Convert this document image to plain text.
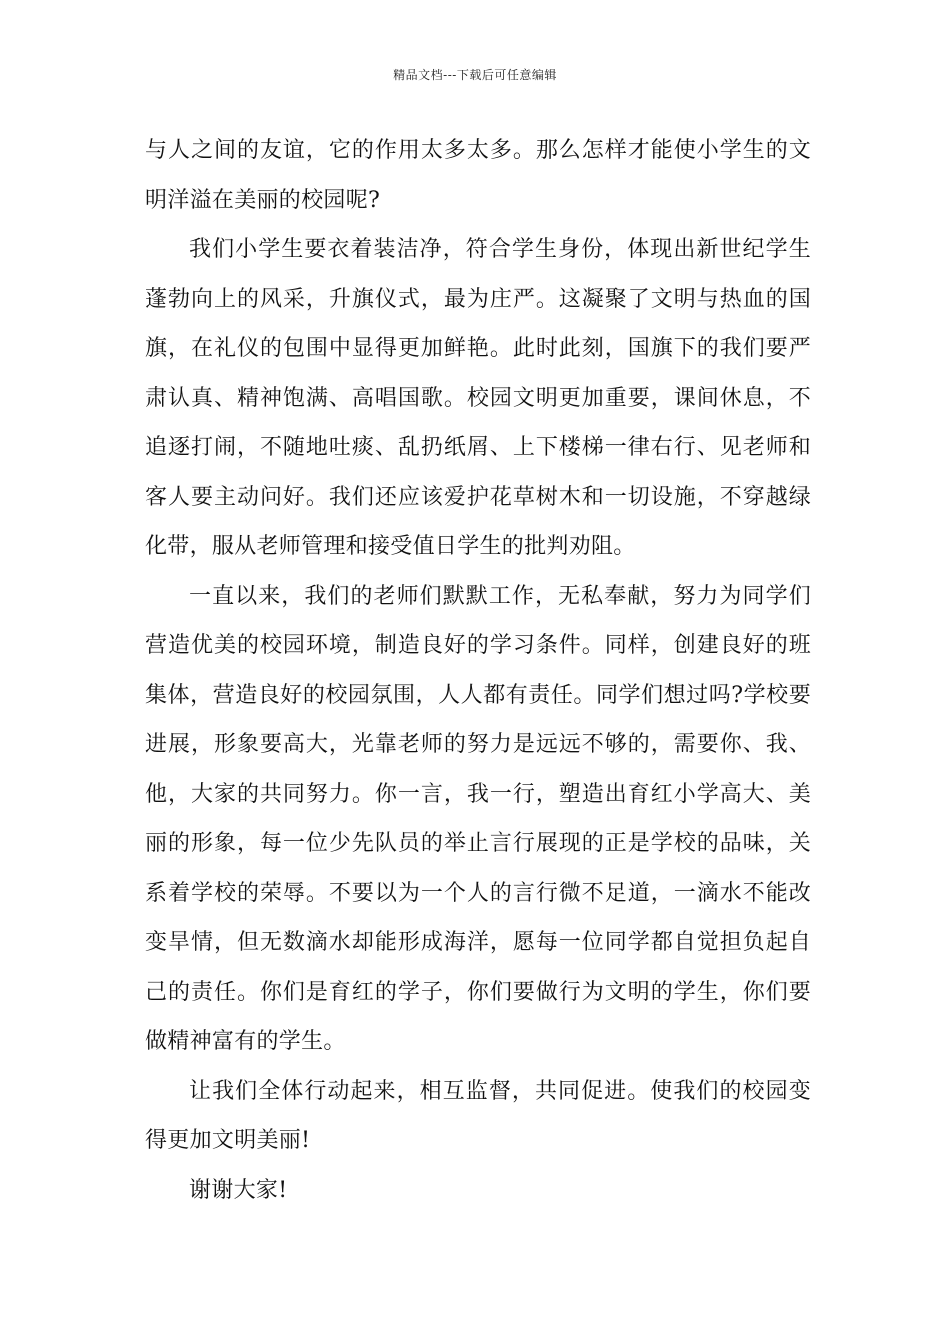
精品文档---下载后可任意编辑
与人之间的友谊，它的作用太多太多。那么怎样才能使小学生的文
明洋溢在美丽的校园呢?
我们小学生要衣着装洁净，符合学生身份，体现出新世纪学生
蓬勃向上的风采，升旗仪式，最为庄严。这凝聚了文明与热血的国
旗，在礼仪的包围中显得更加鲜艳。此时此刻，国旗下的我们要严
肃认真、精神饱满、高唱国歌。校园文明更加重要，课间休息，不
追逐打闹，不随地吐痰、乱扔纸屑、上下楼梯一律右行、见老师和
客人要主动问好。我们还应该爱护花草树木和一切设施，不穿越绿
化带，服从老师管理和接受值日学生的批判劝阻。
一直以来，我们的老师们默默工作，无私奉献，努力为同学们
营造优美的校园环境，制造良好的学习条件。同样，创建良好的班
集体，营造良好的校园氛围，人人都有责任。同学们想过吗?学校要
进展，形象要高大，光靠老师的努力是远远不够的，需要你、我、
他，大家的共同努力。你一言，我一行，塑造出育红小学高大、美
丽的形象，每一位少先队员的举止言行展现的正是学校的品味，关
系着学校的荣辱。不要以为一个人的言行微不足道，一滴水不能改
变旱情，但无数滴水却能形成海洋，愿每一位同学都自觉担负起自
己的责任。你们是育红的学子，你们要做行为文明的学生，你们要
做精神富有的学生。
让我们全体行动起来，相互监督，共同促进。使我们的校园变
得更加文明美丽!
谢谢大家!
